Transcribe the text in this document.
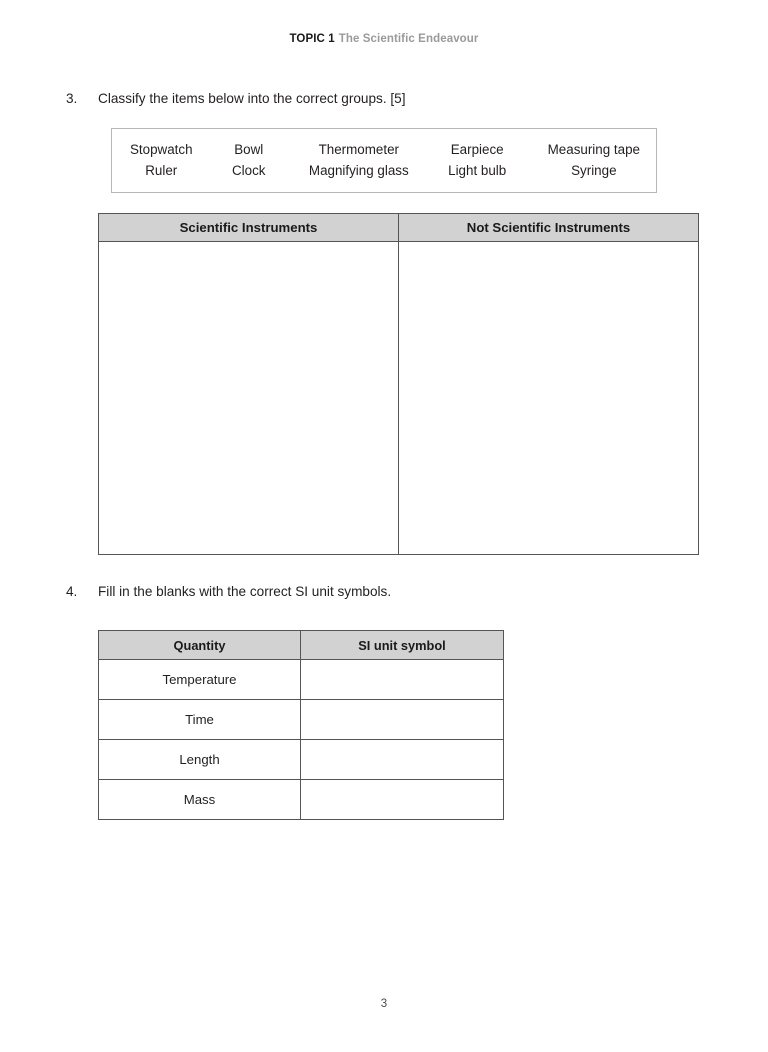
TOPIC 1 The Scientific Endeavour
3.	Classify the items below into the correct groups. [5]
Stopwatch
Ruler
Bowl
Clock
Thermometer
Magnifying glass
Earpiece
Light bulb
Measuring tape
Syringe
Scientific Instruments	Not Scientific Instruments

4.	Fill in the blanks with the correct SI unit symbols.
Quantity	SI unit symbol
Temperature	
Time	
Length	
Mass	
3
